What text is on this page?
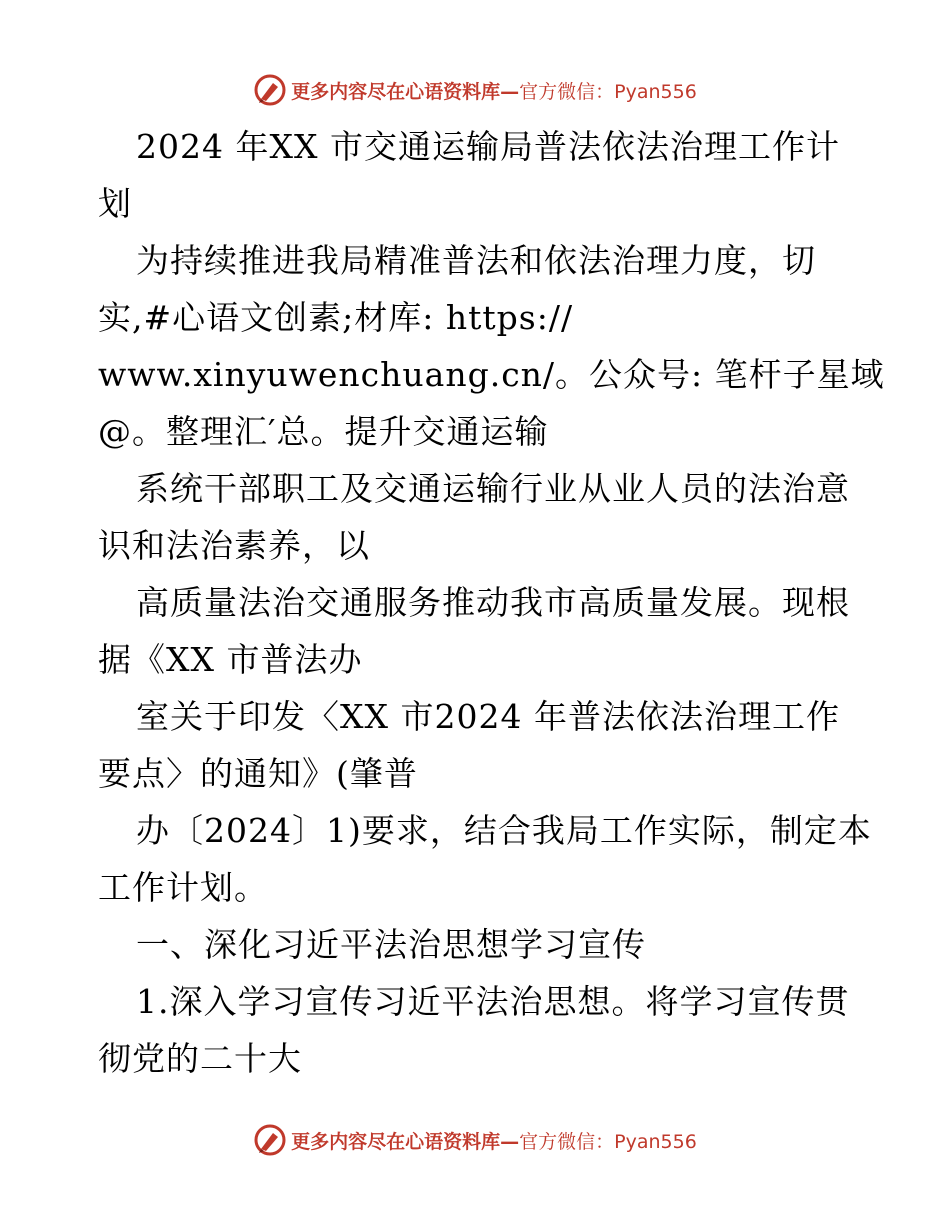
更多内容尽在心语资料库—官方微信：Pyan556
2024 年XX 市交通运输局普法依法治理工作计
划
为持续推进我局精准普法和依法治理力度，切
实,#心语文创素;材库: https://
www.xinyuwenchuang.cn/。公众号: 笔杆子星域
@。整理汇′总。提升交通运输
系统干部职工及交通运输行业从业人员的法治意
识和法治素养，以
高质量法治交通服务推动我市高质量发展。现根
据《XX 市普法办
室关于印发〈XX 市2024 年普法依法治理工作
要点〉的通知》(肇普
办〔2024〕1)要求，结合我局工作实际，制定本
工作计划。
一、深化习近平法治思想学习宣传
1.深入学习宣传习近平法治思想。将学习宣传贯
彻党的二十大
更多内容尽在心语资料库—官方微信：Pyan556
